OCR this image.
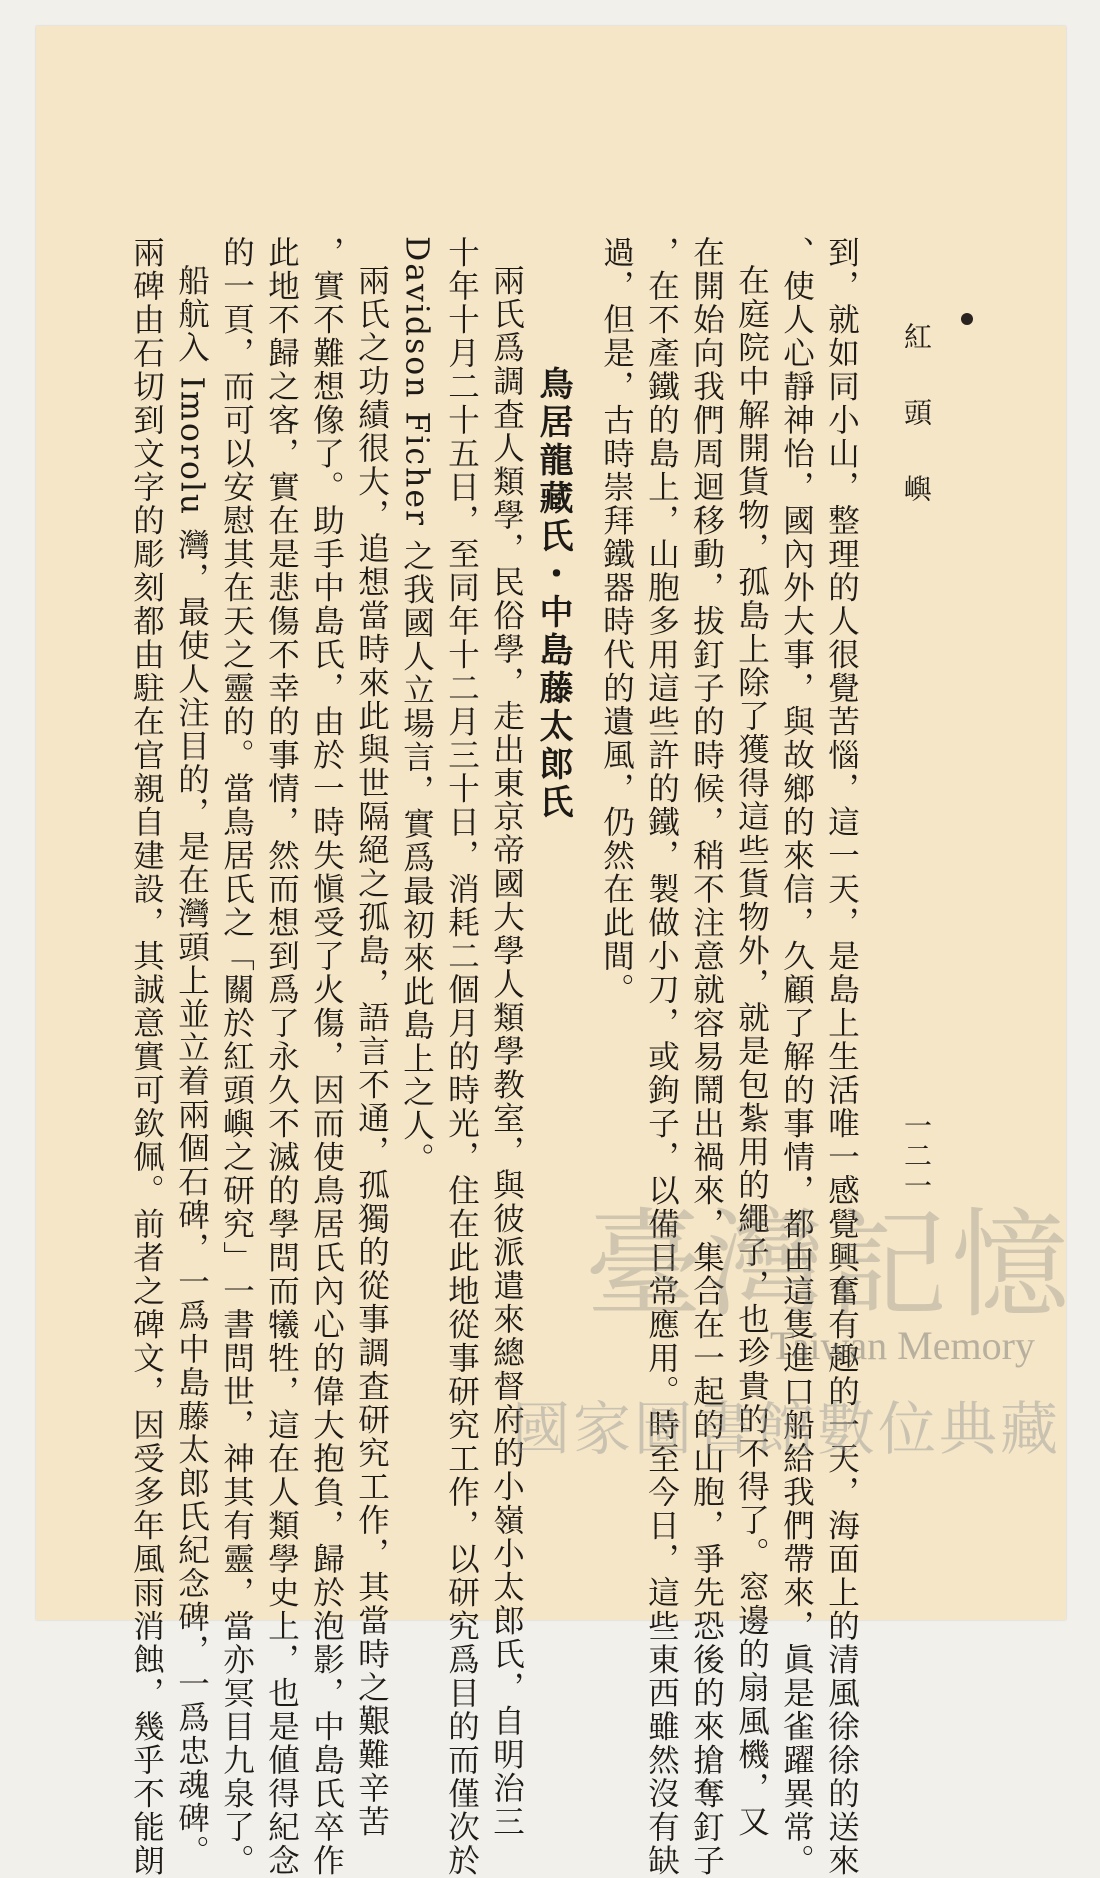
紅頭嶼
一二一
到，就如同小山，整理的人很覺苦惱，這一天，是島上生活唯一感覺興奮有趣的一天，海面上的清風徐徐的送來
、使人心靜神怡，國內外大事，與故鄉的來信，久顧了解的事情，都由這隻進口船給我們帶來，眞是雀躍異常。
在庭院中解開貨物，孤島上除了獲得這些貨物外，就是包紮用的繩子，也珍貴的不得了。窓邊的扇風機，又
在開始向我們周迴移動，拔釘子的時候，稍不注意就容易鬧出禍來，集合在一起的山胞，爭先恐後的來搶奪釘子
，在不產鐵的島上，山胞多用這些許的鐵，製做小刀，或鉤子，以備日常應用。時至今日，這些東西雖然沒有缺
過，但是，古時崇拜鐵器時代的遺風，仍然在此間。
鳥居龍藏氏・中島藤太郎氏
兩氏爲調査人類學，民俗學，走出東京帝國大學人類學教室，與彼派遣來總督府的小嶺小太郎氏，自明治三
十年十月二十五日，至同年十二月三十日，消耗二個月的時光，住在此地從事研究工作，以研究爲目的而僅次於
Davidson Ficher 之我國人立場言，實爲最初來此島上之人。
兩氏之功績很大，追想當時來此與世隔絕之孤島，語言不通，孤獨的從事調査研究工作，其當時之艱難辛苦
，實不難想像了。助手中島氏，由於一時失愼受了火傷，因而使鳥居氏內心的偉大抱負，歸於泡影，中島氏卒作
此地不歸之客，實在是悲傷不幸的事情，然而想到爲了永久不滅的學問而犧牲，這在人類學史上，也是値得紀念
的一頁，而可以安慰其在天之靈的。當鳥居氏之「關於紅頭嶼之研究」一書問世，神其有靈，當亦冥目九泉了。
船航入 Imorolu 灣，最使人注目的，是在灣頭上並立着兩個石碑，一爲中島藤太郎氏紀念碑，一爲忠魂碑。
兩碑由石切到文字的彫刻都由駐在官親自建設，其誠意實可欽佩。前者之碑文，因受多年風雨消蝕，幾乎不能朗	臺灣記憶
Taiwan Memory
國家圖書館數位典藏
